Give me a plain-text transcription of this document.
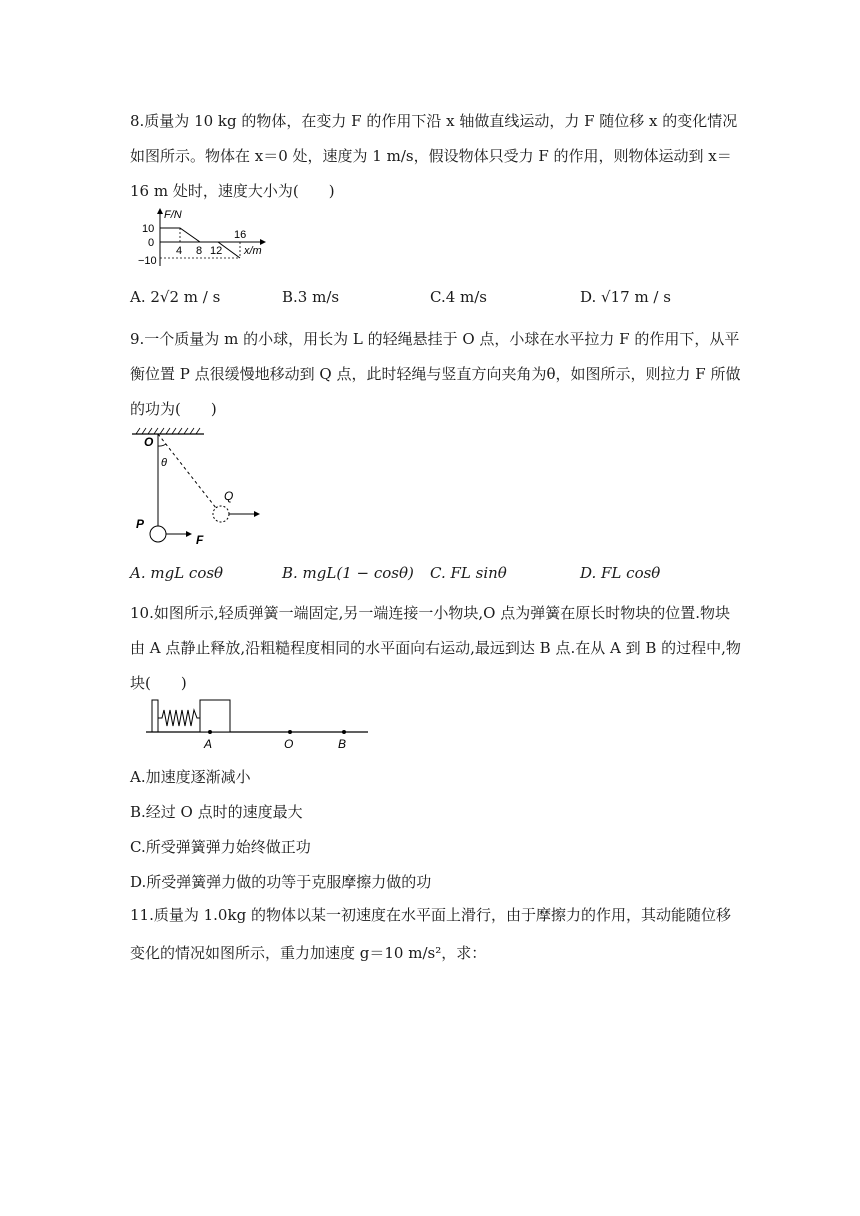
8.质量为 10 kg 的物体，在变力 F 的作用下沿 x 轴做直线运动，力 F 随位移 x 的变化情况如图所示。物体在 x＝0 处，速度为 1 m/s，假设物体只受力 F 的作用，则物体运动到 x＝16 m 处时，速度大小为(　　)

F/N
x/m
10
0
−10
4 8 12
16
A. 2√2 m / s	B.3 m/s	C.4 m/s	D. √17 m / s

9.一个质量为 m 的小球，用长为 L 的轻绳悬挂于 O 点，小球在水平拉力 F 的作用下，从平衡位置 P 点很缓慢地移动到 Q 点，此时轻绳与竖直方向夹角为θ，如图所示，则拉力 F 所做的功为(　　)

O
θ
Q
P
F
A. mgL cosθ	B. mgL(1 − cosθ) C. FL sinθ	D. FL cosθ

10.如图所示,轻质弹簧一端固定,另一端连接一小物块,O 点为弹簧在原长时物块的位置.物块由 A 点静止释放,沿粗糙程度相同的水平面向右运动,最远到达 B 点.在从 A 到 B 的过程中,物块(　　)

A	O	B
A.加速度逐渐减小
B.经过 O 点时的速度最大
C.所受弹簧弹力始终做正功
D.所受弹簧弹力做的功等于克服摩擦力做的功

11.质量为 1.0kg 的物体以某一初速度在水平面上滑行，由于摩擦力的作用，其动能随位移变化的情况如图所示，重力加速度 g＝10 m/s²，求：
